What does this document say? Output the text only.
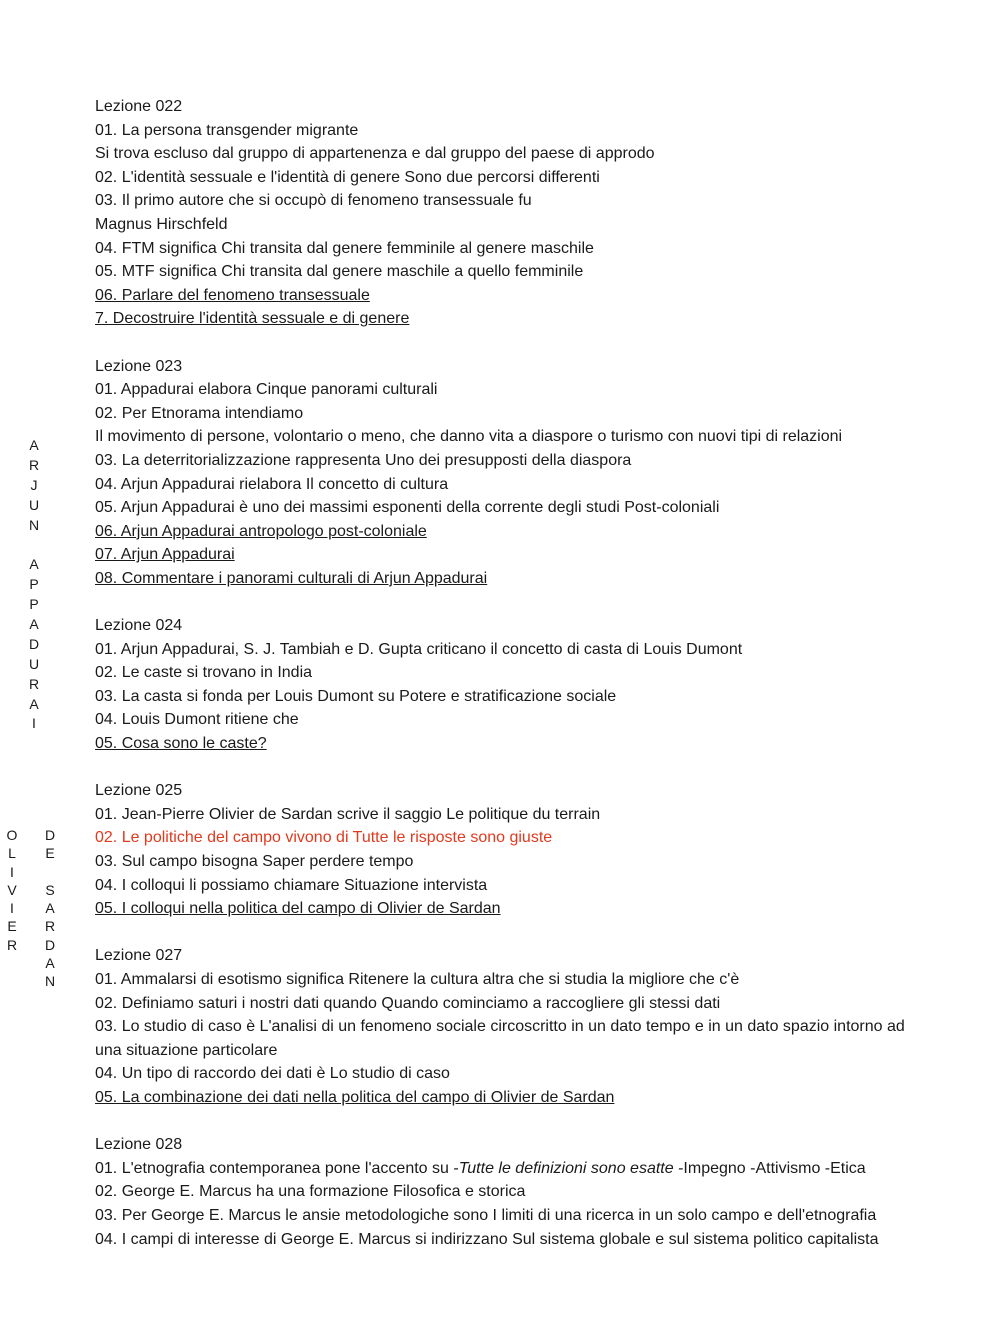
A
R
J
U
N
A
P
P
A
D
U
R
A
I
O
L
I
V
I
E
R
D
E
S
A
R
D
A
N
Lezione 022
01. La persona transgender migrante
Si trova escluso dal gruppo di appartenenza e dal gruppo del paese di approdo
02. L'identità sessuale e l'identità di genere Sono due percorsi differenti
03. Il primo autore che si occupò di fenomeno transessuale fu
Magnus Hirschfeld
04. FTM significa Chi transita dal genere femminile al genere maschile
05. MTF significa Chi transita dal genere maschile a quello femminile
06. Parlare del fenomeno transessuale
7. Decostruire l'identità sessuale e di genere
Lezione 023
01. Appadurai elabora Cinque panorami culturali
02. Per Etnorama intendiamo
Il movimento di persone, volontario o meno, che danno vita a diaspore o turismo con nuovi tipi di relazioni
03. La deterritorializzazione rappresenta Uno dei presupposti della diaspora
04. Arjun Appadurai rielabora Il concetto di cultura
05. Arjun Appadurai è uno dei massimi esponenti della corrente degli studi Post-coloniali
06. Arjun Appadurai antropologo post-coloniale
07. Arjun Appadurai
08. Commentare i panorami culturali di Arjun Appadurai
Lezione 024
01. Arjun Appadurai, S. J. Tambiah e D. Gupta criticano il concetto di casta di Louis Dumont
02. Le caste si trovano in India
03. La casta si fonda per Louis Dumont su Potere e stratificazione sociale
04. Louis Dumont ritiene che
05. Cosa sono le caste?
Lezione 025
01. Jean-Pierre Olivier de Sardan scrive il saggio Le politique du terrain
02. Le politiche del campo vivono di Tutte le risposte sono giuste
03. Sul campo bisogna Saper perdere tempo
04. I colloqui li possiamo chiamare Situazione intervista
05. I colloqui nella politica del campo di Olivier de Sardan
Lezione 027
01. Ammalarsi di esotismo significa Ritenere la cultura altra che si studia la migliore che c'è
02. Definiamo saturi i nostri dati quando Quando cominciamo a raccogliere gli stessi dati
03. Lo studio di caso è L'analisi di un fenomeno sociale circoscritto in un dato tempo e in un dato spazio intorno ad una situazione particolare
04. Un tipo di raccordo dei dati è Lo studio di caso
05. La combinazione dei dati nella politica del campo di Olivier de Sardan
Lezione 028
01. L'etnografia contemporanea pone l'accento su -Tutte le definizioni sono esatte -Impegno -Attivismo -Etica
02. George E. Marcus ha una formazione Filosofica e storica
03. Per George E. Marcus le ansie metodologiche sono I limiti di una ricerca in un solo campo e dell'etnografia
04. I campi di interesse di George E. Marcus si indirizzano Sul sistema globale e sul sistema politico capitalista
